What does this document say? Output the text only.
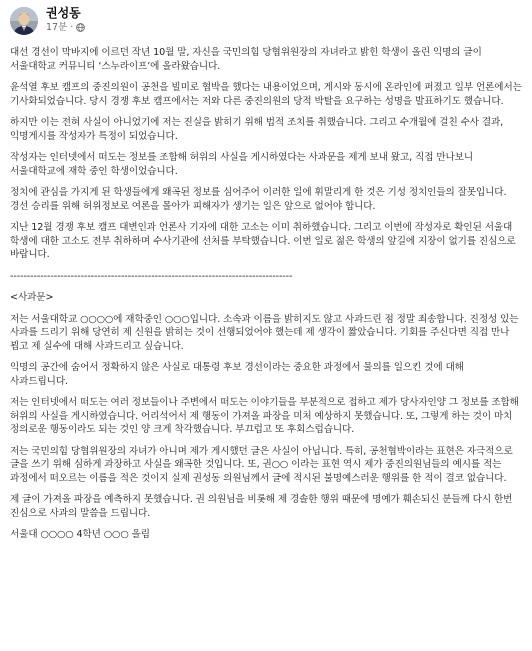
권성동
17분 ·

대선 경선이 막바지에 이르던 작년 10월 말, 자신을 국민의힘 당협위원장의 자녀라고 밝힌 학생이 올린 익명의 글이 서울대학교 커뮤니티 ‘스누라이프’에 올라왔습니다.

윤석열 후보 캠프의 중진의원이 공천을 빌미로 협박을 했다는 내용이었으며, 게시와 동시에 온라인에 퍼졌고 일부 언론에서는 기사화되었습니다. 당시 경쟁 후보 캠프에서는 저와 다른 중진의원의 당적 박탈을 요구하는 성명을 발표하기도 했습니다.

하지만 이는 전혀 사실이 아니었기에 저는 진실을 밝히기 위해 법적 조치를 취했습니다. 그리고 수개월에 걸친 수사 결과, 익명게시를 작성자가 특정이 되었습니다.

작성자는 인터넷에서 떠도는 정보를 조합해 허위의 사실을 게시하였다는 사과문을 제게 보내 왔고, 직접 만나보니 서울대학교에 재학 중인 학생이었습니다.

정치에 관심을 가지게 된 학생들에게 왜곡된 정보를 심어주어 이러한 일에 휘말리게 한 것은 기성 정치인들의 잘못입니다. 경선 승리를 위해 허위정보로 여론을 몰아가 피해자가 생기는 일은 앞으로 없어야 합니다.

지난 12월 경쟁 후보 캠프 대변인과 언론사 기자에 대한 고소는 이미 취하했습니다. 그리고 이번에 작성자로 확인된 서울대 학생에 대한 고소도 전부 취하하며 수사기관에 선처를 부탁했습니다. 이번 일로 젊은 학생의 앞길에 지장이 없기를 진심으로 바랍니다.

------------------------------------------------------------------------------------

<사과문>

저는 서울대학교 ○○○○에 재학중인 ○○○입니다. 소속과 이름을 밝히지도 않고 사과드린 점 정말 죄송합니다. 진정성 있는 사과를 드리기 위해 당연히 제 신원을 밝히는 것이 선행되었어야 했는데 제 생각이 짧았습니다. 기회를 주신다면 직접 만나 뵙고 제 실수에 대해 사과드리고 싶습니다.

익명의 공간에 숨어서 정확하지 않은 사실로 대통령 후보 경선이라는 중요한 과정에서 물의를 일으킨 것에 대해 사과드립니다.

저는 인터넷에서 떠도는 여러 정보들이나 주변에서 떠도는 이야기들을 부분적으로 접하고 제가 당사자인양 그 정보를 조합해 허위의 사실을 게시하였습니다. 어리석어서 제 행동이 가져올 파장을 미처 예상하지 못했습니다. 또, 그렇게 하는 것이 마치 정의로운 행동이라도 되는 것인 양 크게 착각했습니다. 부끄럽고 또 후회스럽습니다.

저는 국민의힘 당협위원장의 자녀가 아니며 제가 게시했던 글은 사실이 아닙니다. 특히, 공천협박이라는 표현은 자극적으로 글을 쓰기 위해 심하게 과장하고 사실을 왜곡한 것입니다. 또, 권○○ 이라는 표현 역시 제가 중진의원님들의 예시를 적는 과정에서 떠오르는 이름을 적은 것이지 실제 권성동 의원님께서 글에 적시된 불명예스러운 행위를 한 적이 결코 없습니다.

제 글이 가져올 파장을 예측하지 못했습니다. 권 의원님을 비롯해 제 경솔한 행위 때문에 명예가 훼손되신 분들께 다시 한번 진심으로 사과의 말씀을 드립니다.

서울대 ○○○○ 4학년 ○○○ 올림
